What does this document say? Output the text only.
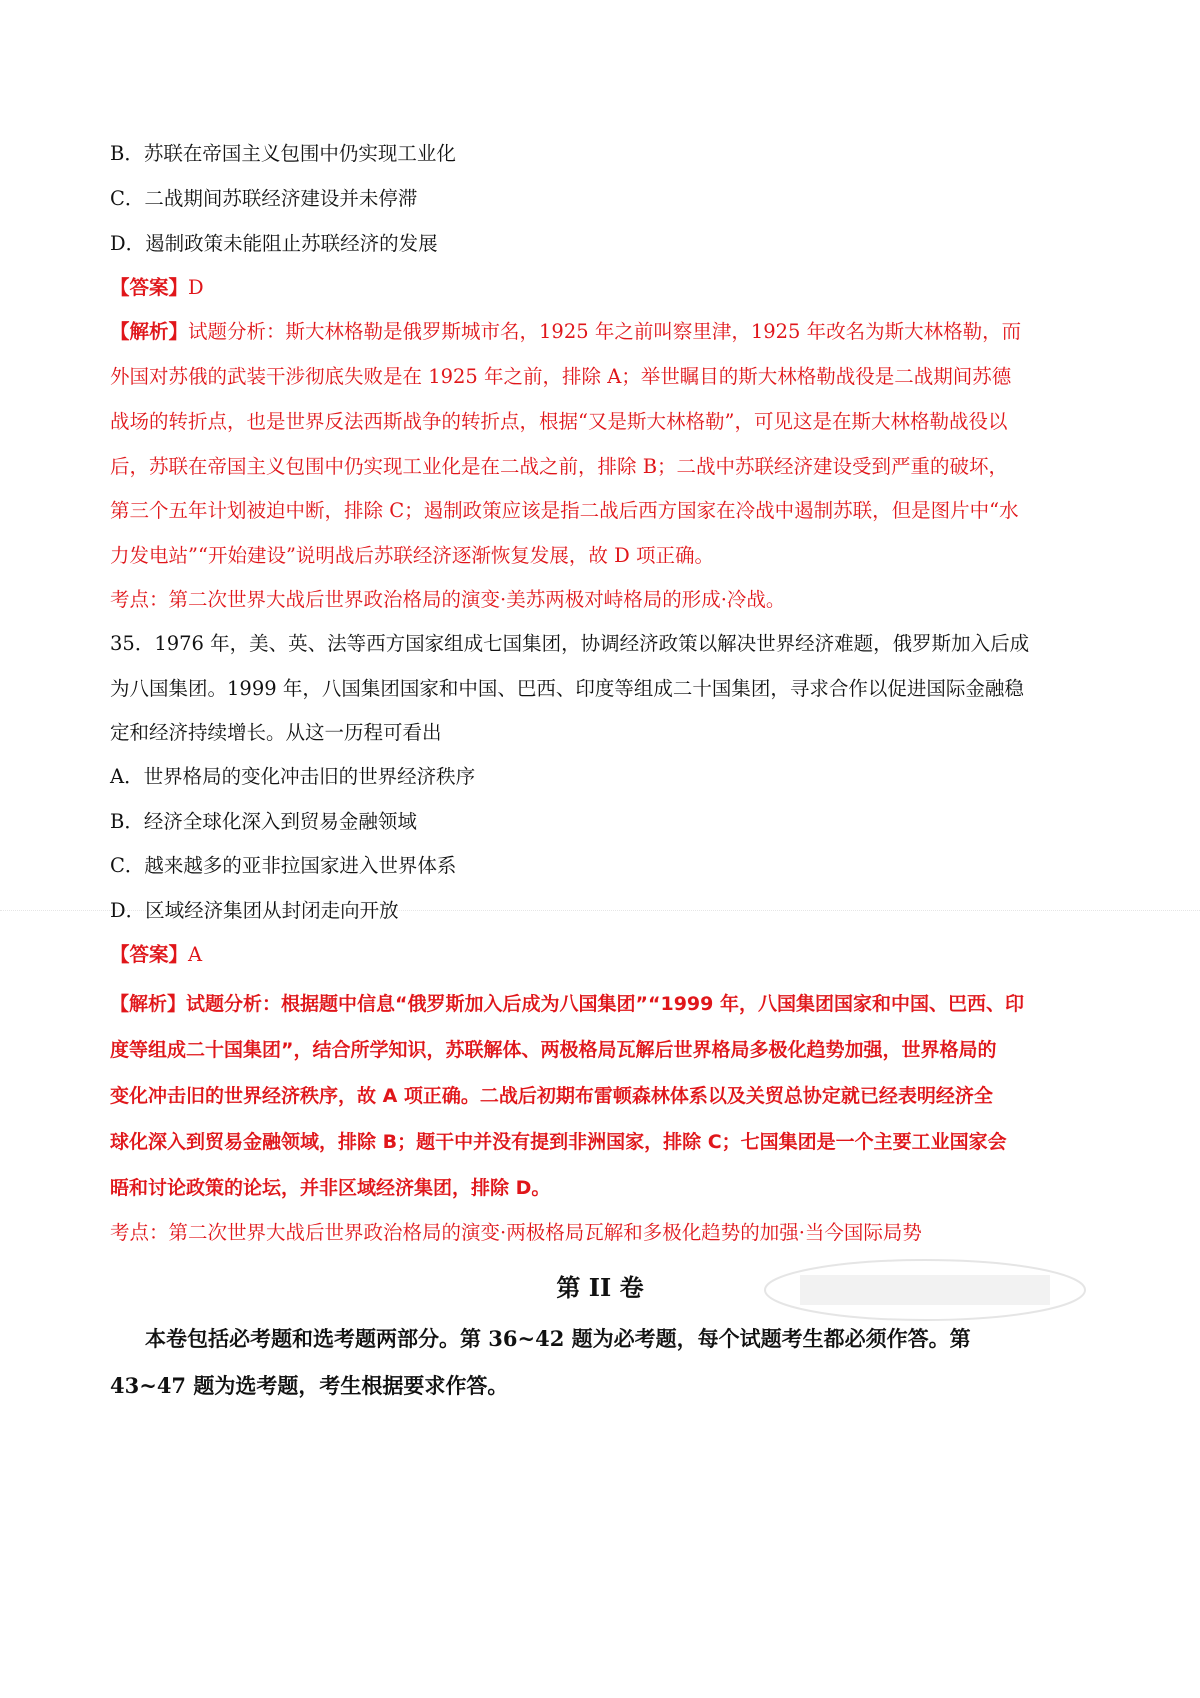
B．苏联在帝国主义包围中仍实现工业化
C．二战期间苏联经济建设并未停滞
D．遏制政策未能阻止苏联经济的发展
【答案】D
【解析】试题分析：斯大林格勒是俄罗斯城市名，1925 年之前叫察里津，1925 年改名为斯大林格勒，而
外国对苏俄的武装干涉彻底失败是在 1925 年之前，排除 A；举世瞩目的斯大林格勒战役是二战期间苏德
战场的转折点，也是世界反法西斯战争的转折点，根据“又是斯大林格勒”，可见这是在斯大林格勒战役以
后，苏联在帝国主义包围中仍实现工业化是在二战之前，排除 B；二战中苏联经济建设受到严重的破坏，
第三个五年计划被迫中断，排除 C；遏制政策应该是指二战后西方国家在冷战中遏制苏联，但是图片中“水
力发电站”“开始建设”说明战后苏联经济逐渐恢复发展，故 D 项正确。
考点：第二次世界大战后世界政治格局的演变·美苏两极对峙格局的形成·冷战。
35．1976 年，美、英、法等西方国家组成七国集团，协调经济政策以解决世界经济难题，俄罗斯加入后成
为八国集团。1999 年，八国集团国家和中国、巴西、印度等组成二十国集团，寻求合作以促进国际金融稳
定和经济持续增长。从这一历程可看出
A．世界格局的变化冲击旧的世界经济秩序
B．经济全球化深入到贸易金融领域
C．越来越多的亚非拉国家进入世界体系
D．区域经济集团从封闭走向开放
【答案】A
【解析】试题分析：根据题中信息“俄罗斯加入后成为八国集团”“1999 年，八国集团国家和中国、巴西、印
度等组成二十国集团”，结合所学知识，苏联解体、两极格局瓦解后世界格局多极化趋势加强，世界格局的
变化冲击旧的世界经济秩序，故 A 项正确。二战后初期布雷顿森林体系以及关贸总协定就已经表明经济全
球化深入到贸易金融领域，排除 B；题干中并没有提到非洲国家，排除 C；七国集团是一个主要工业国家会
晤和讨论政策的论坛，并非区域经济集团，排除 D。
考点：第二次世界大战后世界政治格局的演变·两极格局瓦解和多极化趋势的加强·当今国际局势
第 II 卷
本卷包括必考题和选考题两部分。第 36~42 题为必考题，每个试题考生都必须作答。第
43~47 题为选考题，考生根据要求作答。
